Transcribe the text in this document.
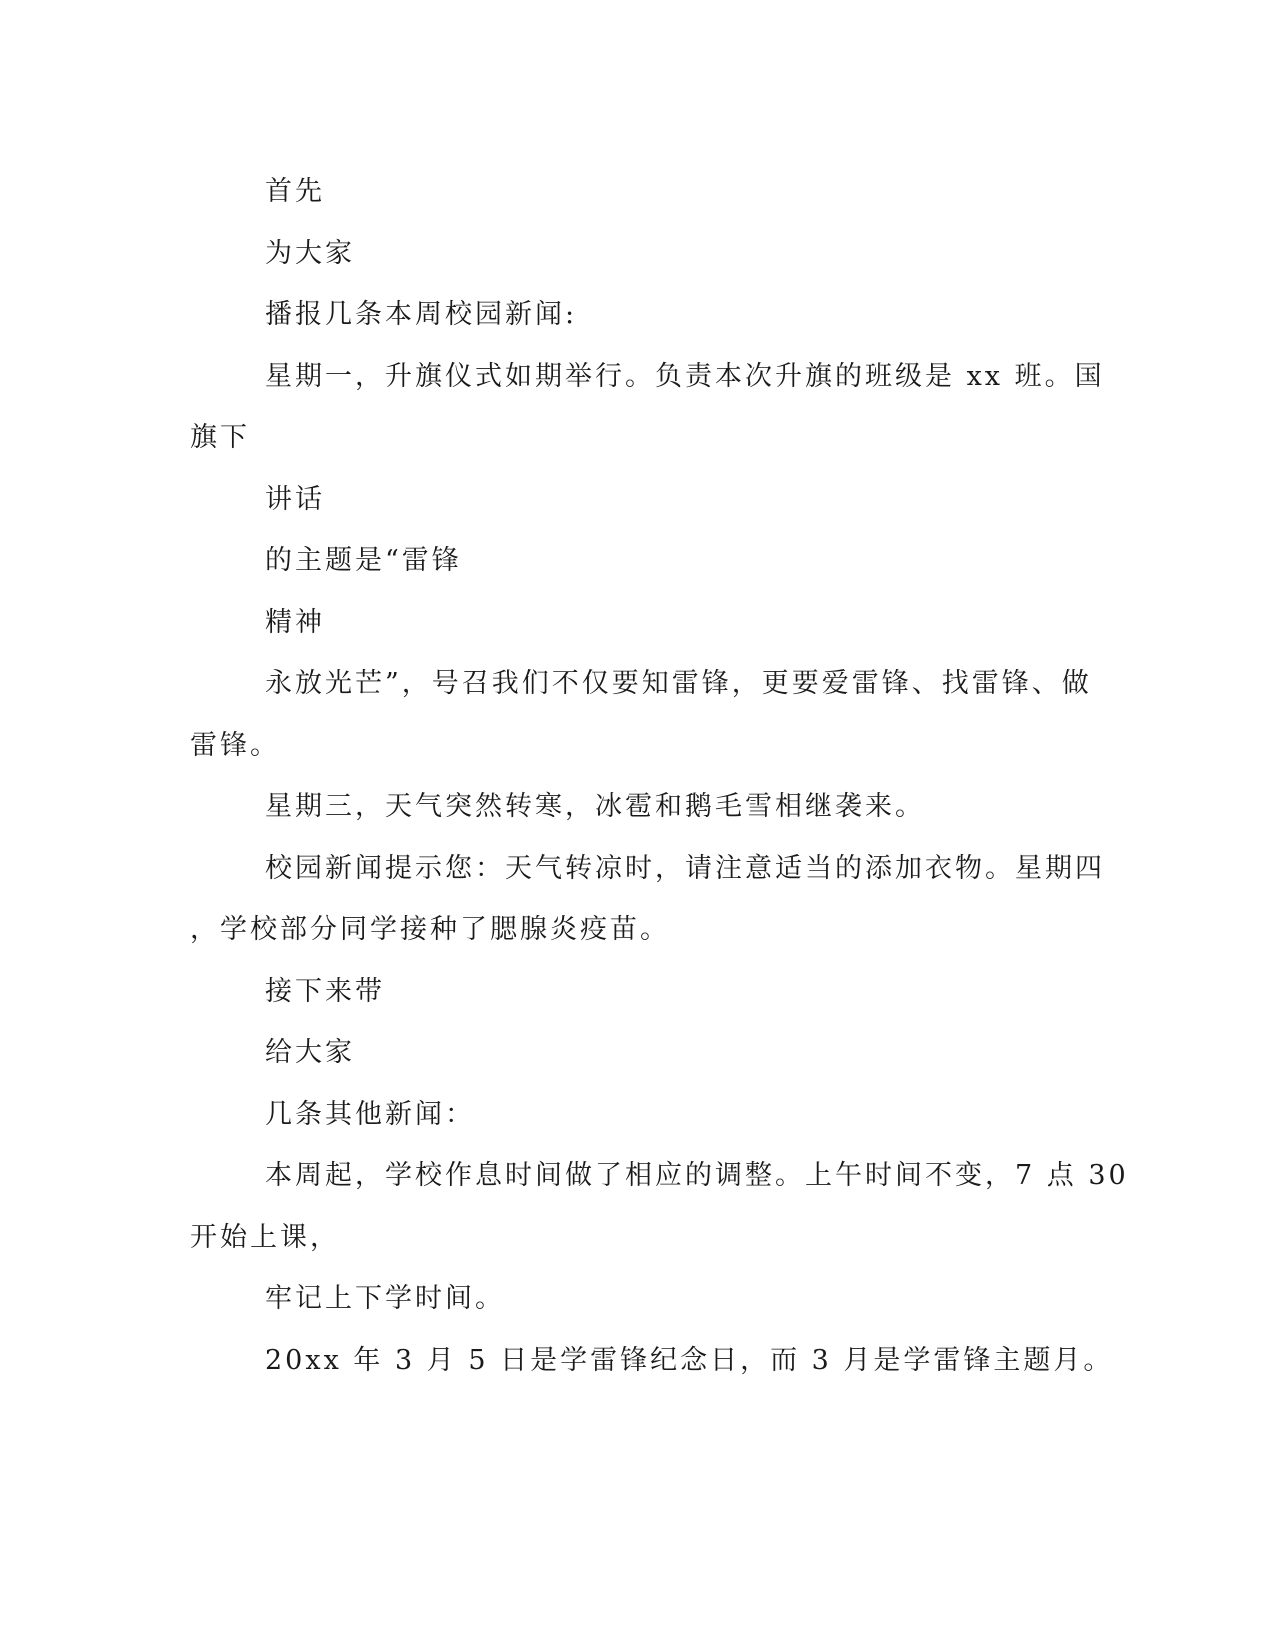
首先
为大家
播报几条本周校园新闻:
星期一，升旗仪式如期举行。负责本次升旗的班级是 xx 班。国
旗下
讲话
的主题是“雷锋
精神
永放光芒”，号召我们不仅要知雷锋，更要爱雷锋、找雷锋、做
雷锋。
星期三，天气突然转寒，冰雹和鹅毛雪相继袭来。
校园新闻提示您：天气转凉时，请注意适当的添加衣物。星期四
，学校部分同学接种了腮腺炎疫苗。
接下来带
给大家
几条其他新闻：
本周起，学校作息时间做了相应的调整。上午时间不变，7 点 30
开始上课，
牢记上下学时间。
20xx 年 3 月 5 日是学雷锋纪念日，而 3 月是学雷锋主题月。
